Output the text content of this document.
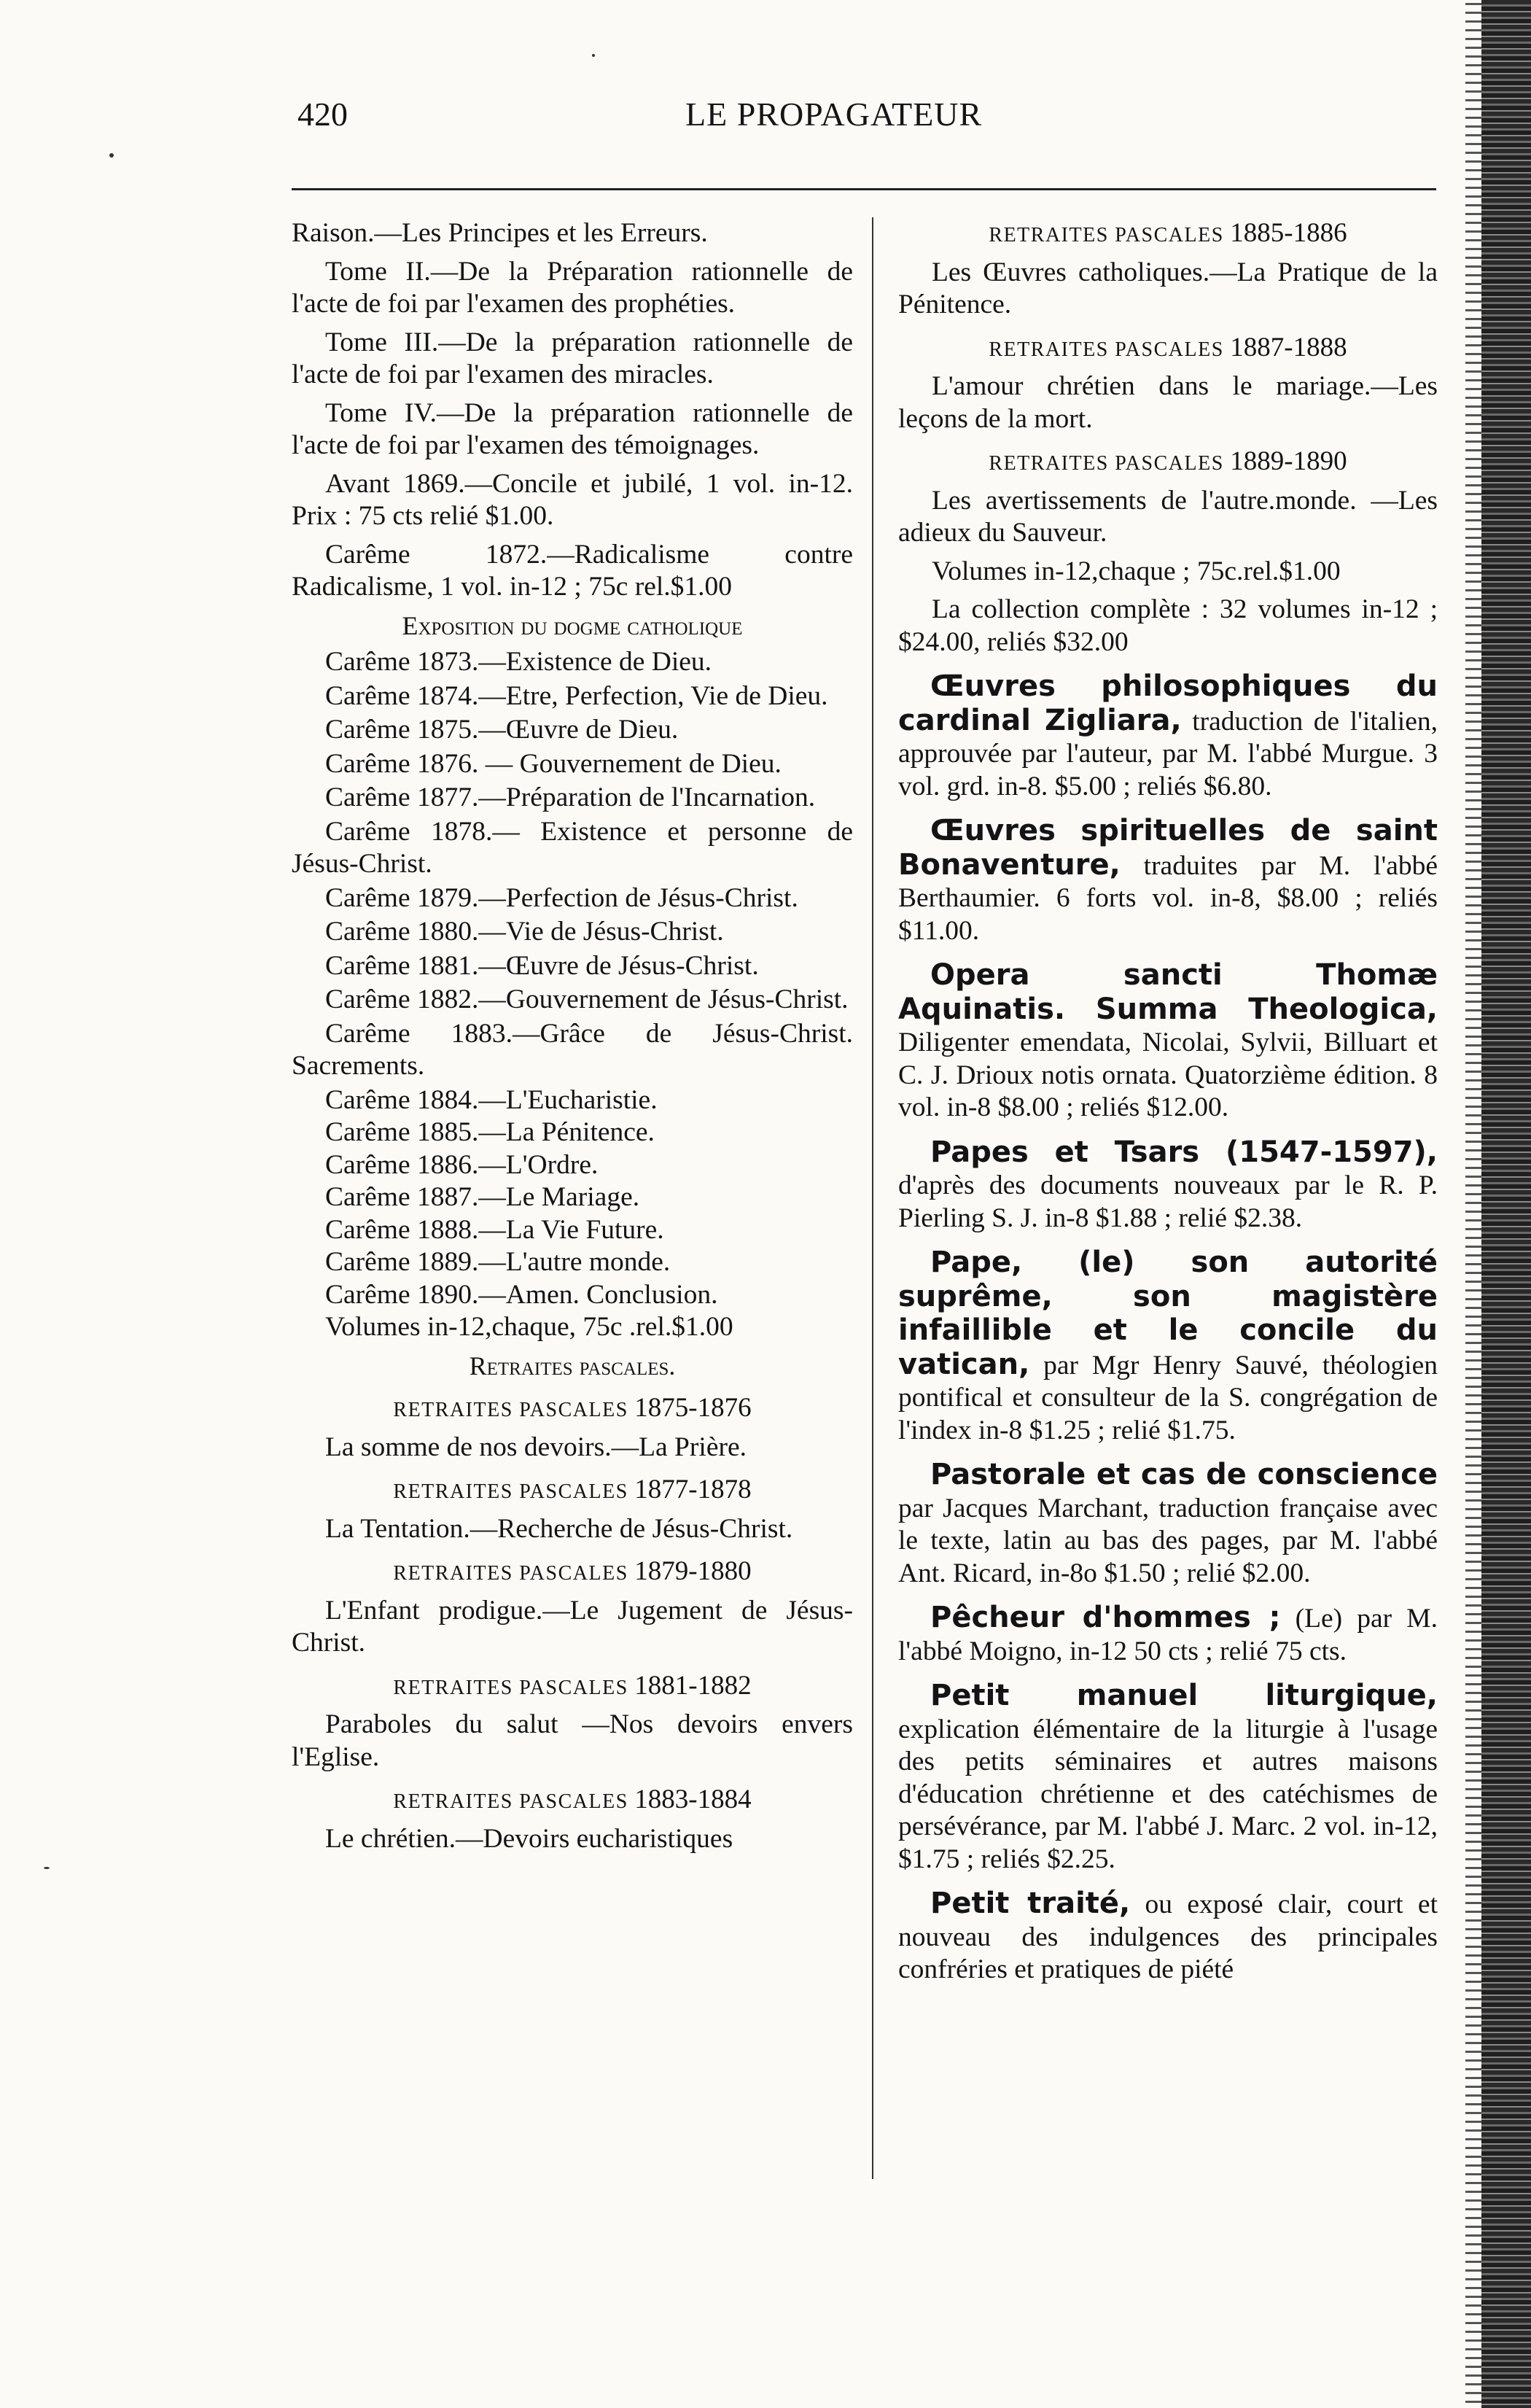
420	LE PROPAGATEUR

Raison.—Les Principes et les Erreurs.

Tome II.—De la Préparation rationnelle de l'acte de foi par l'examen des prophéties.

Tome III.—De la préparation rationnelle de l'acte de foi par l'examen des miracles.

Tome IV.—De la préparation rationnelle de l'acte de foi par l'examen des témoignages.

Avant 1869.—Concile et jubilé, 1 vol. in-12. Prix : 75 cts relié $1.00.

Carême 1872.—Radicalisme contre Radicalisme, 1 vol. in-12 ; 75c rel.$1.00

Exposition du dogme catholique

Carême 1873.—Existence de Dieu.

Carême 1874.—Etre, Perfection, Vie de Dieu.

Carême 1875.—Œuvre de Dieu.

Carême 1876. — Gouvernement de Dieu.

Carême 1877.—Préparation de l'Incarnation.

Carême 1878.— Existence et personne de Jésus-Christ.

Carême 1879.—Perfection de Jésus-Christ.

Carême 1880.—Vie de Jésus-Christ.

Carême 1881.—Œuvre de Jésus-Christ.

Carême 1882.—Gouvernement de Jésus-Christ.

Carême 1883.—Grâce de Jésus-Christ. Sacrements.

Carême 1884.—L'Eucharistie.

Carême 1885.—La Pénitence.

Carême 1886.—L'Ordre.

Carême 1887.—Le Mariage.

Carême 1888.—La Vie Future.

Carême 1889.—L'autre monde.

Carême 1890.—Amen. Conclusion.

Volumes in-12,chaque, 75c .rel.$1.00

Retraites pascales.
RETRAITES PASCALES 1875-1876

La somme de nos devoirs.—La Prière.

RETRAITES PASCALES 1877-1878

La Tentation.—Recherche de Jésus-Christ.

RETRAITES PASCALES 1879-1880

L'Enfant prodigue.—Le Jugement de Jésus-Christ.

RETRAITES PASCALES 1881-1882

Paraboles du salut —Nos devoirs envers l'Eglise.

RETRAITES PASCALES 1883-1884

Le chrétien.—Devoirs eucharistiques

RETRAITES PASCALES 1885-1886

Les Œuvres catholiques.—La Pratique de la Pénitence.

RETRAITES PASCALES 1887-1888

L'amour chrétien dans le mariage.—Les leçons de la mort.

RETRAITES PASCALES 1889-1890

Les avertissements de l'autre.monde. —Les adieux du Sauveur.

Volumes in-12,chaque ; 75c.rel.$1.00

La collection complète : 32 volumes in-12 ; $24.00, reliés $32.00

Œuvres philosophiques du cardinal Zigliara, traduction de l'italien, approuvée par l'auteur, par M. l'abbé Murgue. 3 vol. grd. in-8. $5.00 ; reliés $6.80.

Œuvres spirituelles de saint Bonaventure, traduites par M. l'abbé Berthaumier. 6 forts vol. in-8, $8.00 ; reliés $11.00.

Opera sancti Thomæ Aquinatis. Summa Theologica, Diligenter emendata, Nicolai, Sylvii, Billuart et C. J. Drioux notis ornata. Quatorzième édition. 8 vol. in-8 $8.00 ; reliés $12.00.

Papes et Tsars (1547-1597), d'après des documents nouveaux par le R. P. Pierling S. J. in-8 $1.88 ; relié $2.38.

Pape, (le) son autorité suprême, son magistère infaillible et le concile du vatican, par Mgr Henry Sauvé, théologien pontifical et consulteur de la S. congrégation de l'index in-8 $1.25 ; relié $1.75.

Pastorale et cas de conscience par Jacques Marchant, traduction française avec le texte, latin au bas des pages, par M. l'abbé Ant. Ricard, in-8o $1.50 ; relié $2.00.

Pêcheur d'hommes ; (Le) par M. l'abbé Moigno, in-12 50 cts ; relié 75 cts.

Petit manuel liturgique, explication élémentaire de la liturgie à l'usage des petits séminaires et autres maisons d'éducation chrétienne et des catéchismes de persévérance, par M. l'abbé J. Marc. 2 vol. in-12, $1.75 ; reliés $2.25.

Petit traité, ou exposé clair, court et nouveau des indulgences des principales confréries et pratiques de piété
